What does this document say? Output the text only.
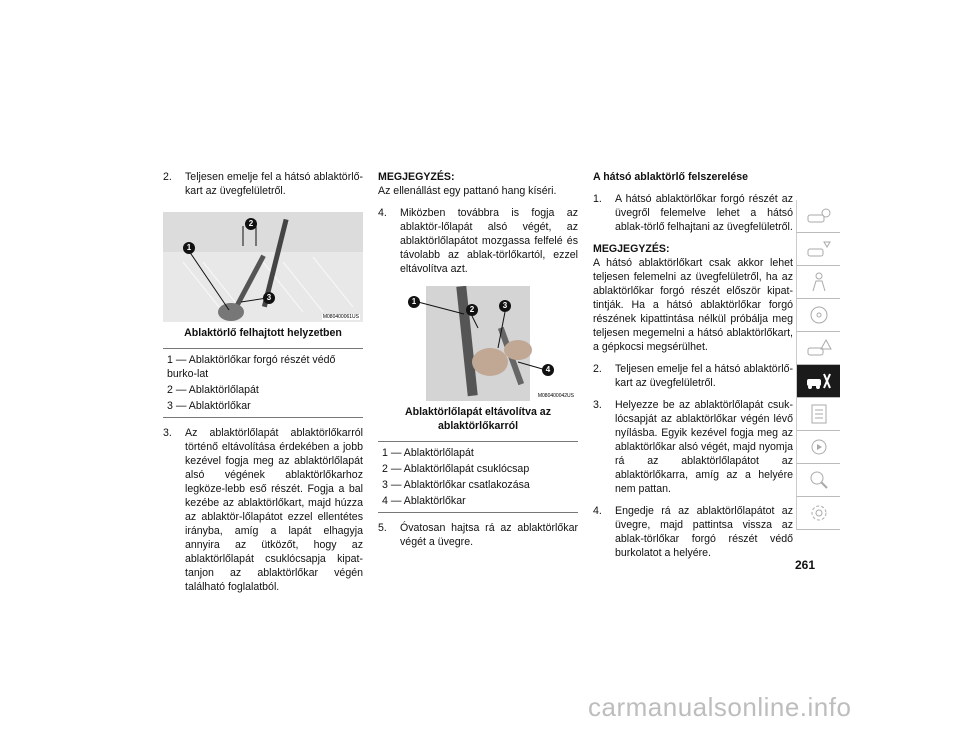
2. Teljesen emelje fel a hátsó ablaktörlő-kart az üvegfelületről.
1
2
3
M080400061US
Ablaktörlő felhajtott helyzetben
1 — Ablaktörlőkar forgó részét védő burko-lat
2 — Ablaktörlőlapát
3 — Ablaktörlőkar
3. Az ablaktörlőlapát ablaktörlőkarról történő eltávolítása érdekében a jobb kezével fogja meg az ablaktörlőlapát alsó végének ablaktörlőkarhoz legköze-lebb eső részét. Fogja a bal kezébe az ablaktörlőkart, majd húzza az ablaktör-lőlapátot ezzel ellentétes irányba, amíg a lapát elhagyja annyira az ütközőt, hogy az ablaktörlőlapát csuklócsapja kipat-tanjon az ablaktörlőkar végén található foglalatból.

MEGJEGYZÉS:

Az ellenállást egy pattanó hang kíséri.

4. Miközben továbbra is fogja az ablaktör-lőlapát alsó végét, az ablaktörlőlapátot mozgassa felfelé és távolabb az ablak-törlőkartól, ezzel eltávolítva azt.
1
2	3
4
M080400042US
Ablaktörlőlapát eltávolítva az ablaktörlőkarról
1 — Ablaktörlőlapát
2 — Ablaktörlőlapát csuklócsap
3 — Ablaktörlőkar csatlakozása
4 — Ablaktörlőkar
5. Óvatosan hajtsa rá az ablaktörlőkar végét a üvegre.

A hátsó ablaktörlő felszerelése

1. A hátsó ablaktörlőkar forgó részét az üvegről felemelve lehet a hátsó ablak-törlő felhajtani az üvegfelületről.

MEGJEGYZÉS:

A hátsó ablaktörlőkart csak akkor lehet teljesen felemelni az üvegfelületről, ha az ablaktörlőkar forgó részét először kipat-tintják. Ha a hátsó ablaktörlőkar forgó részének kipattintása nélkül próbálja meg teljesen megemelni a hátsó ablaktörlőkart, a gépkocsi megsérülhet.

2. Teljesen emelje fel a hátsó ablaktörlő-kart az üvegfelületről.
3. Helyezze be az ablaktörlőlapát csuk-lócsapját az ablaktörlőkar végén lévő nyílásba. Egyik kezével fogja meg az ablaktörlőkar alsó végét, majd nyomja rá az ablaktörlőlapátot az ablaktörlőkarra, amíg az a helyére nem pattan.
4. Engedje rá az ablaktörlőlapátot az üvegre, majd pattintsa vissza az ablak-törlőkar forgó részét védő burkolatot a helyére.
261
carmanualsonline.info
